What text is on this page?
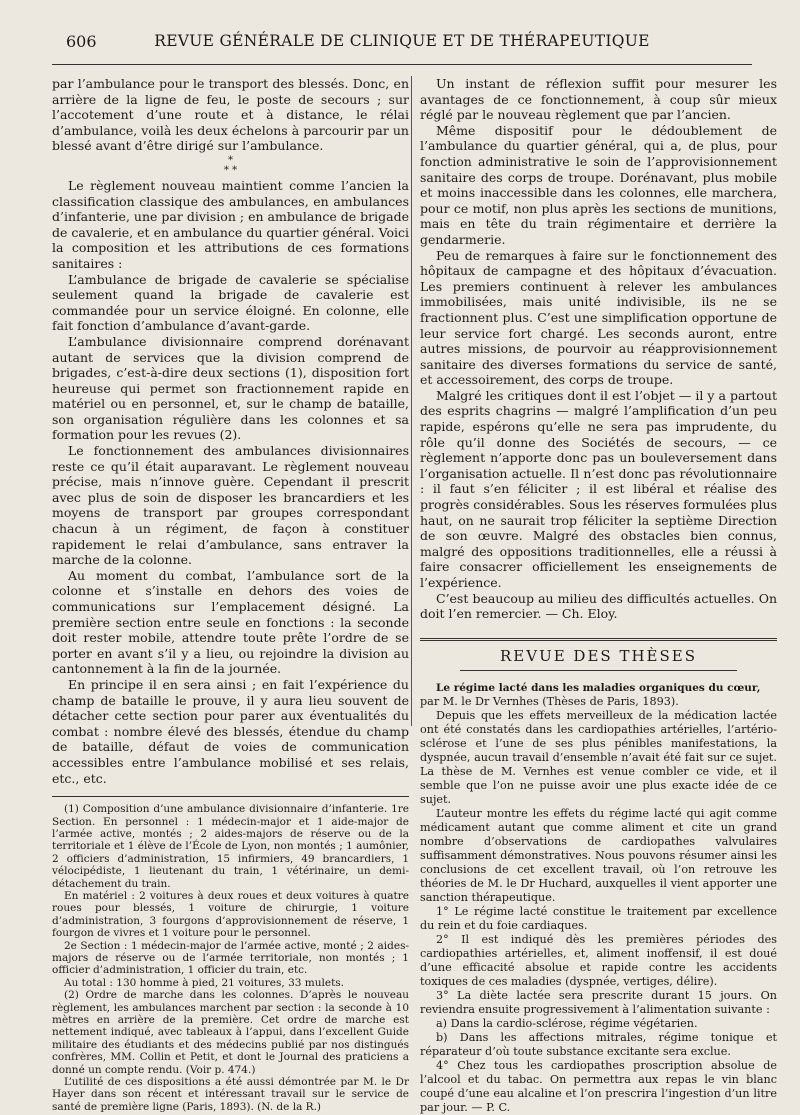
606	REVUE GÉNÉRALE DE CLINIQUE ET DE THÉRAPEUTIQUE

par l’ambulance pour le transport des blessés. Donc, en arrière de la ligne de feu, le poste de secours ; sur l’accotement d’une route et à distance, le rélai d’ambulance, voilà les deux échelons à parcourir par un blessé avant d’être dirigé sur l’ambulance.

*
* *

Le règlement nouveau maintient comme l’ancien la classification classique des ambulances, en ambulances d’infanterie, une par division ; en ambulance de brigade de cavalerie, et en ambulance du quartier général. Voici la composition et les attributions de ces formations sanitaires :

L’ambulance de brigade de cavalerie se spécialise seulement quand la brigade de cavalerie est commandée pour un service éloigné. En colonne, elle fait fonction d’ambulance d’avant-garde.

L’ambulance divisionnaire comprend dorénavant autant de services que la division comprend de brigades, c’est-à-dire deux sections (1), disposition fort heureuse qui permet son fractionnement rapide en matériel ou en personnel, et, sur le champ de bataille, son organisation régulière dans les colonnes et sa formation pour les revues (2).

Le fonctionnement des ambulances divisionnaires reste ce qu’il était auparavant. Le règlement nouveau précise, mais n’innove guère. Cependant il prescrit avec plus de soin de disposer les brancardiers et les moyens de transport par groupes correspondant chacun à un régiment, de façon à constituer rapidement le relai d’ambulance, sans entraver la marche de la colonne.

Au moment du combat, l’ambulance sort de la colonne et s’installe en dehors des voies de communications sur l’emplacement désigné. La première section entre seule en fonctions : la seconde doit rester mobile, attendre toute prête l’ordre de se porter en avant s’il y a lieu, ou rejoindre la division au cantonnement à la fin de la journée.

En principe il en sera ainsi ; en fait l’expérience du champ de bataille le prouve, il y aura lieu souvent de détacher cette section pour parer aux éventualités du combat : nombre élevé des blessés, étendue du champ de bataille, défaut de voies de communication accessibles entre l’ambulance mobilisé et ses relais, etc., etc.

(1) Composition d’une ambulance divisionnaire d’infanterie. 1re Section. En personnel : 1 médecin-major et 1 aide-major de l’armée active, montés ; 2 aides-majors de réserve ou de la territoriale et 1 élève de l’École de Lyon, non montés ; 1 aumônier, 2 officiers d’administration, 15 infirmiers, 49 brancardiers, 1 vélocipédiste, 1 lieutenant du train, 1 vétérinaire, un demi-détachement du train.

En matériel : 2 voitures à deux roues et deux voitures à quatre roues pour blessés, 1 voiture de chirurgie, 1 voiture d’administration, 3 fourgons d’approvisionnement de réserve, 1 fourgon de vivres et 1 voiture pour le personnel.

2e Section : 1 médecin-major de l’armée active, monté ; 2 aides-majors de réserve ou de l’armée territoriale, non montés ; 1 officier d’administration, 1 officier du train, etc.

Au total : 130 homme à pied, 21 voitures, 33 mulets.

(2) Ordre de marche dans les colonnes. D’après le nouveau règlement, les ambulances marchent par section : la seconde à 10 mètres en arrière de la première. Cet ordre de marche est nettement indiqué, avec tableaux à l’appui, dans l’excellent Guide militaire des étudiants et des médecins publié par nos distingués confrères, MM. Collin et Petit, et dont le Journal des praticiens a donné un compte rendu. (Voir p. 474.)

L’utilité de ces dispositions a été aussi démontrée par M. le Dr Hayer dans son récent et intéressant travail sur le service de santé de première ligne (Paris, 1893). (N. de la R.)

Un instant de réflexion suffit pour mesurer les avantages de ce fonctionnement, à coup sûr mieux réglé par le nouveau règlement que par l’ancien.

Même dispositif pour le dédoublement de l’ambulance du quartier général, qui a, de plus, pour fonction administrative le soin de l’approvisionnement sanitaire des corps de troupe. Dorénavant, plus mobile et moins inaccessible dans les colonnes, elle marchera, pour ce motif, non plus après les sections de munitions, mais en tête du train régimentaire et derrière la gendarmerie.

Peu de remarques à faire sur le fonctionnement des hôpitaux de campagne et des hôpitaux d’évacuation. Les premiers continuent à relever les ambulances immobilisées, mais unité indivisible, ils ne se fractionnent plus. C’est une simplification opportune de leur service fort chargé. Les seconds auront, entre autres missions, de pourvoir au réapprovisionnement sanitaire des diverses formations du service de santé, et accessoirement, des corps de troupe.

Malgré les critiques dont il est l’objet — il y a partout des esprits chagrins — malgré l’amplification d’un peu rapide, espérons qu’elle ne sera pas imprudente, du rôle qu’il donne des Sociétés de secours, — ce règlement n’apporte donc pas un bouleversement dans l’organisation actuelle. Il n’est donc pas révolutionnaire : il faut s’en féliciter ; il est libéral et réalise des progrès considérables. Sous les réserves formulées plus haut, on ne saurait trop féliciter la septième Direction de son œuvre. Malgré des obstacles bien connus, malgré des oppositions traditionnelles, elle a réussi à faire consacrer officiellement les enseignements de l’expérience.

C’est beaucoup au milieu des difficultés actuelles. On doit l’en remercier. — Ch. Eloy.

REVUE DES THÈSES

Le régime lacté dans les maladies organiques du cœur,

par M. le Dr Vernhes (Thèses de Paris, 1893).

Depuis que les effets merveilleux de la médication lactée ont été constatés dans les cardiopathies artérielles, l’artério-sclérose et l’une de ses plus pénibles manifestations, la dyspnée, aucun travail d’ensemble n’avait été fait sur ce sujet. La thèse de M. Vernhes est venue combler ce vide, et il semble que l’on ne puisse avoir une plus exacte idée de ce sujet.

L’auteur montre les effets du régime lacté qui agit comme médicament autant que comme aliment et cite un grand nombre d’observations de cardiopathes valvulaires suffisamment démonstratives. Nous pouvons résumer ainsi les conclusions de cet excellent travail, où l’on retrouve les théories de M. le Dr Huchard, auxquelles il vient apporter une sanction thérapeutique.

1° Le régime lacté constitue le traitement par excellence du rein et du foie cardiaques.

2° Il est indiqué dès les premières périodes des cardiopathies artérielles, et, aliment inoffensif, il est doué d’une efficacité absolue et rapide contre les accidents toxiques de ces maladies (dyspnée, vertiges, délire).

3° La diète lactée sera prescrite durant 15 jours. On reviendra ensuite progressivement à l’alimentation suivante :

a) Dans la cardio-sclérose, régime végétarien.

b) Dans les affections mitrales, régime tonique et réparateur d’où toute substance excitante sera exclue.

4° Chez tous les cardiopathes proscription absolue de l’alcool et du tabac. On permettra aux repas le vin blanc coupé d’une eau alcaline et l’on prescrira l’ingestion d’un litre par jour. — P. C.
